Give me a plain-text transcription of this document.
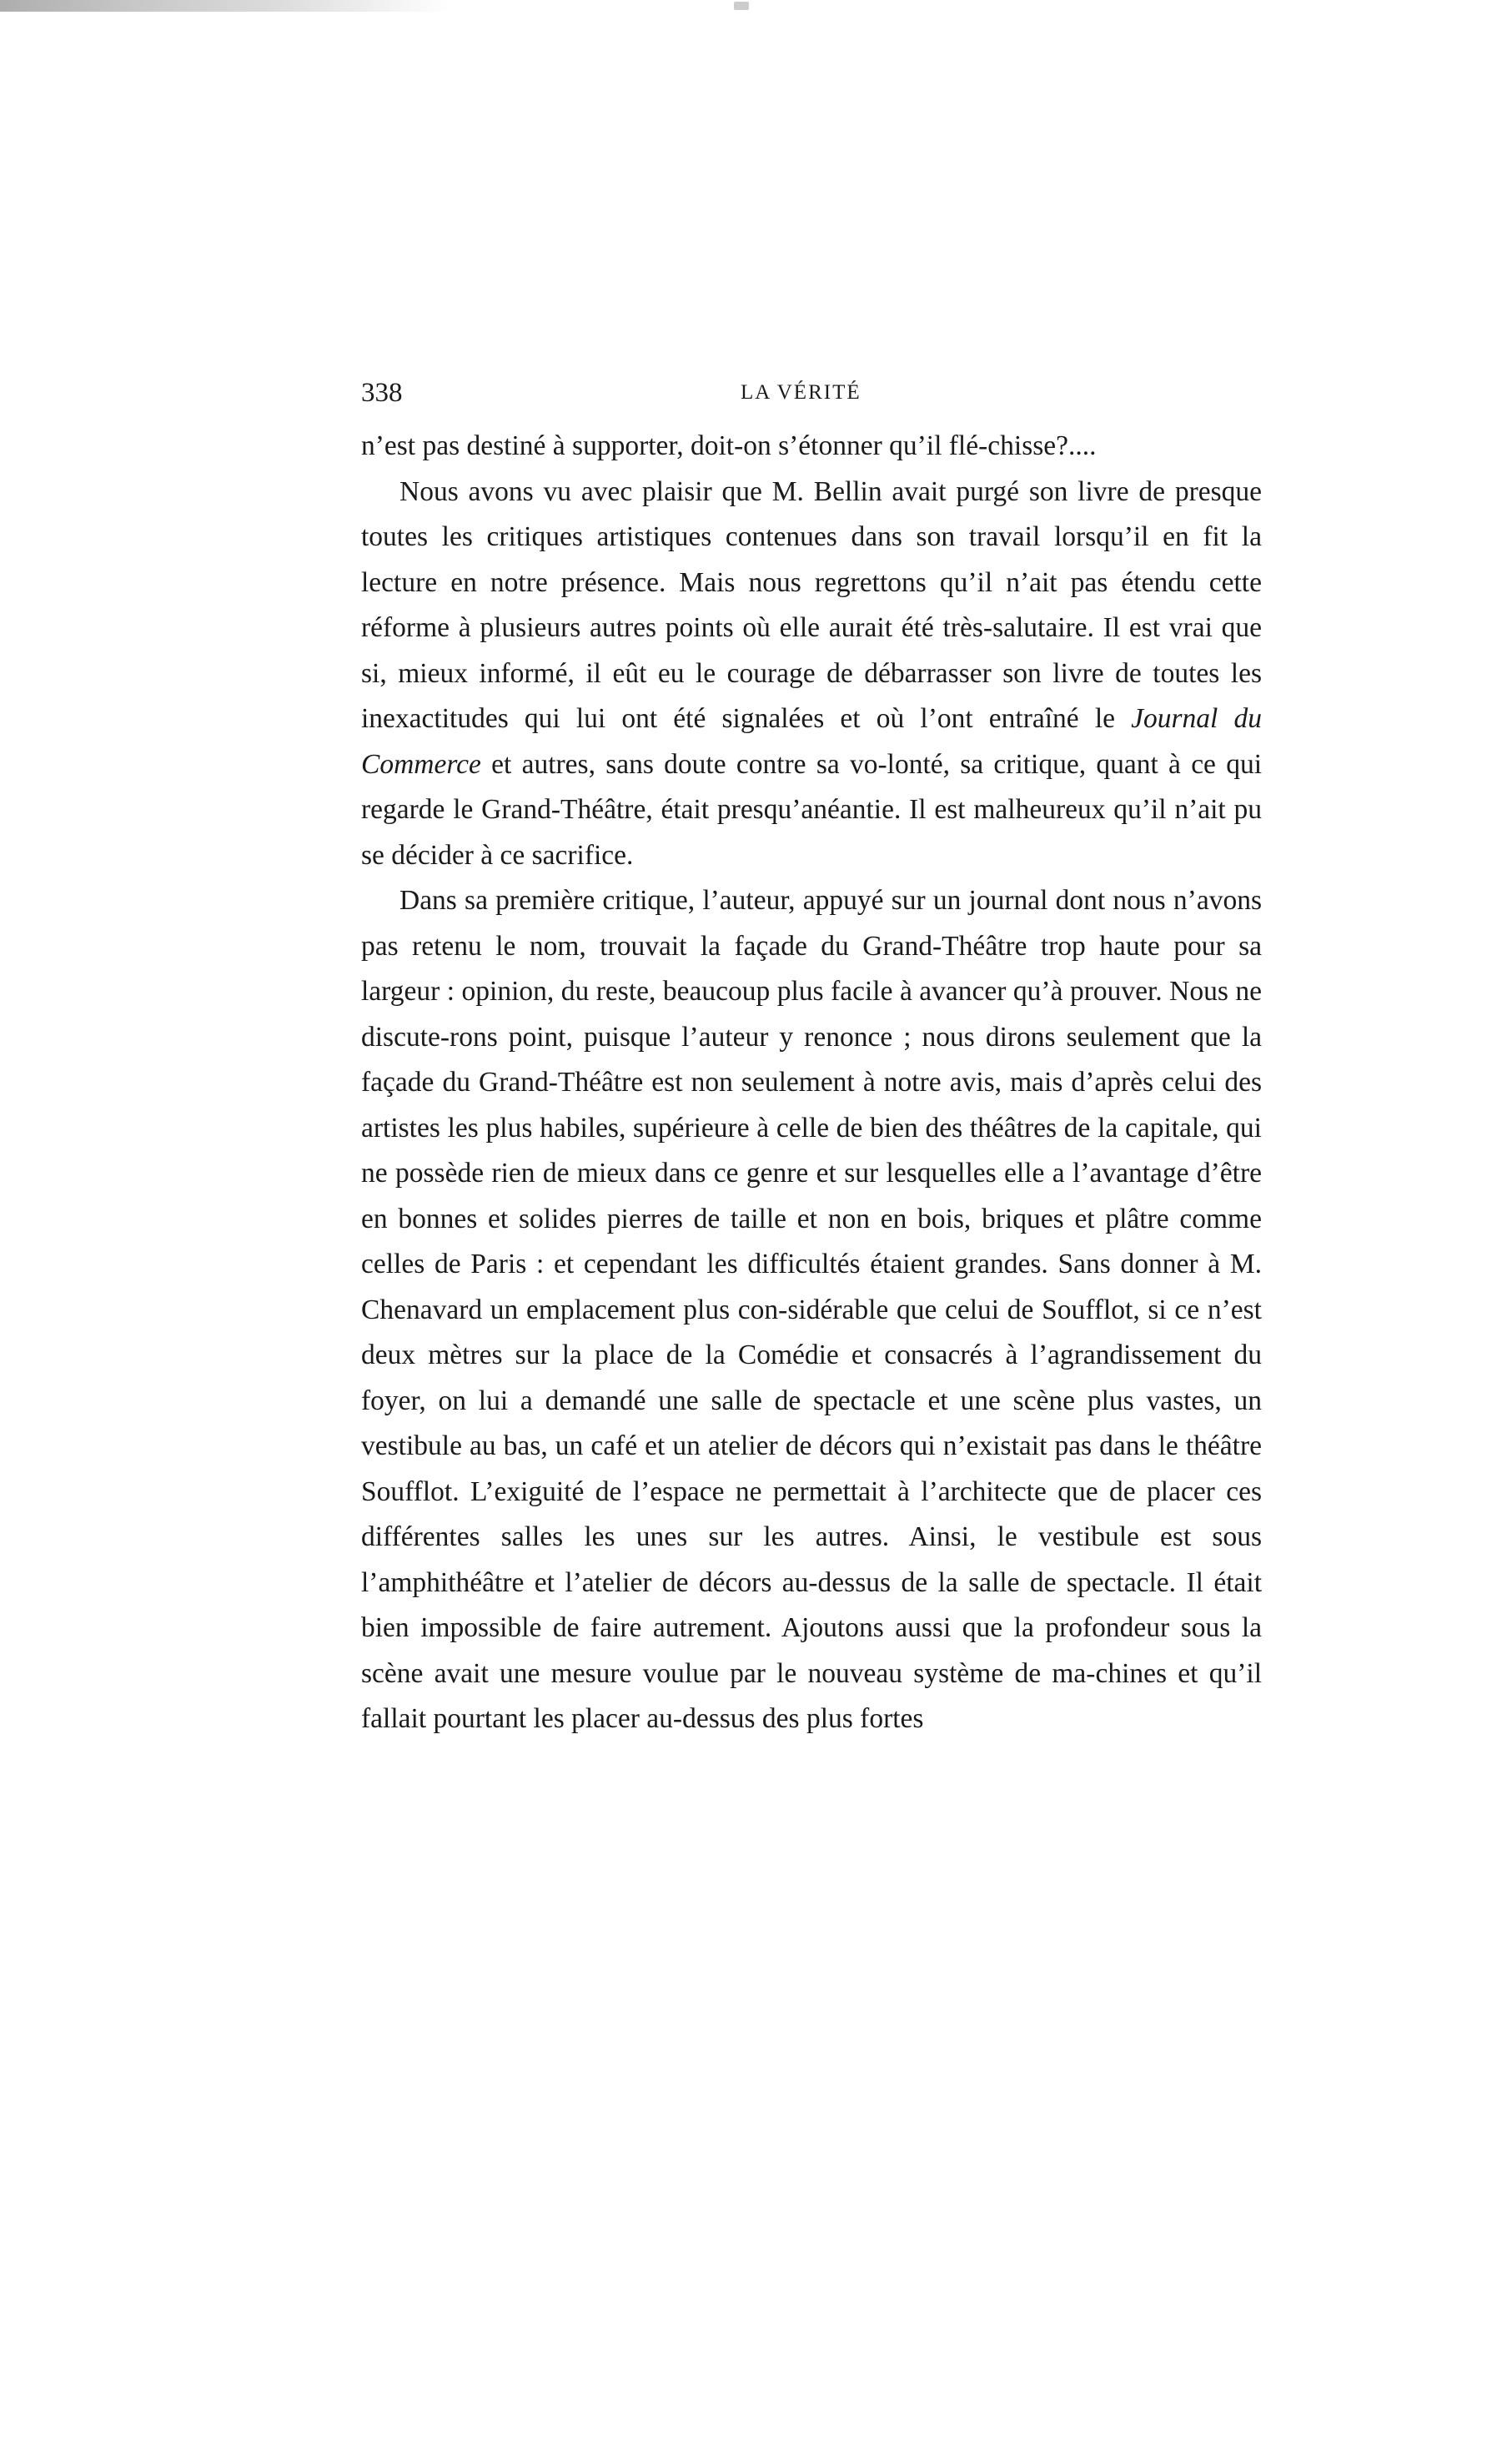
338	LA VÉRITÉ

n’est pas destiné à supporter, doit-on s’étonner qu’il flé-chisse?....

Nous avons vu avec plaisir que M. Bellin avait purgé son livre de presque toutes les critiques artistiques contenues dans son travail lorsqu’il en fit la lecture en notre présence. Mais nous regrettons qu’il n’ait pas étendu cette réforme à plusieurs autres points où elle aurait été très-salutaire. Il est vrai que si, mieux informé, il eût eu le courage de débarrasser son livre de toutes les inexactitudes qui lui ont été signalées et où l’ont entraîné le Journal du Commerce et autres, sans doute contre sa vo-lonté, sa critique, quant à ce qui regarde le Grand-Théâtre, était presqu’anéantie. Il est malheureux qu’il n’ait pu se décider à ce sacrifice.

Dans sa première critique, l’auteur, appuyé sur un journal dont nous n’avons pas retenu le nom, trouvait la façade du Grand-Théâtre trop haute pour sa largeur : opinion, du reste, beaucoup plus facile à avancer qu’à prouver. Nous ne discute-rons point, puisque l’auteur y renonce ; nous dirons seulement que la façade du Grand-Théâtre est non seulement à notre avis, mais d’après celui des artistes les plus habiles, supérieure à celle de bien des théâtres de la capitale, qui ne possède rien de mieux dans ce genre et sur lesquelles elle a l’avantage d’être en bonnes et solides pierres de taille et non en bois, briques et plâtre comme celles de Paris : et cependant les difficultés étaient grandes. Sans donner à M. Chenavard un emplacement plus con-sidérable que celui de Soufflot, si ce n’est deux mètres sur la place de la Comédie et consacrés à l’agrandissement du foyer, on lui a demandé une salle de spectacle et une scène plus vastes, un vestibule au bas, un café et un atelier de décors qui n’existait pas dans le théâtre Soufflot. L’exiguité de l’espace ne permettait à l’architecte que de placer ces différentes salles les unes sur les autres. Ainsi, le vestibule est sous l’amphithéâtre et l’atelier de décors au-dessus de la salle de spectacle. Il était bien impossible de faire autrement. Ajoutons aussi que la profondeur sous la scène avait une mesure voulue par le nouveau système de ma-chines et qu’il fallait pourtant les placer au-dessus des plus fortes
